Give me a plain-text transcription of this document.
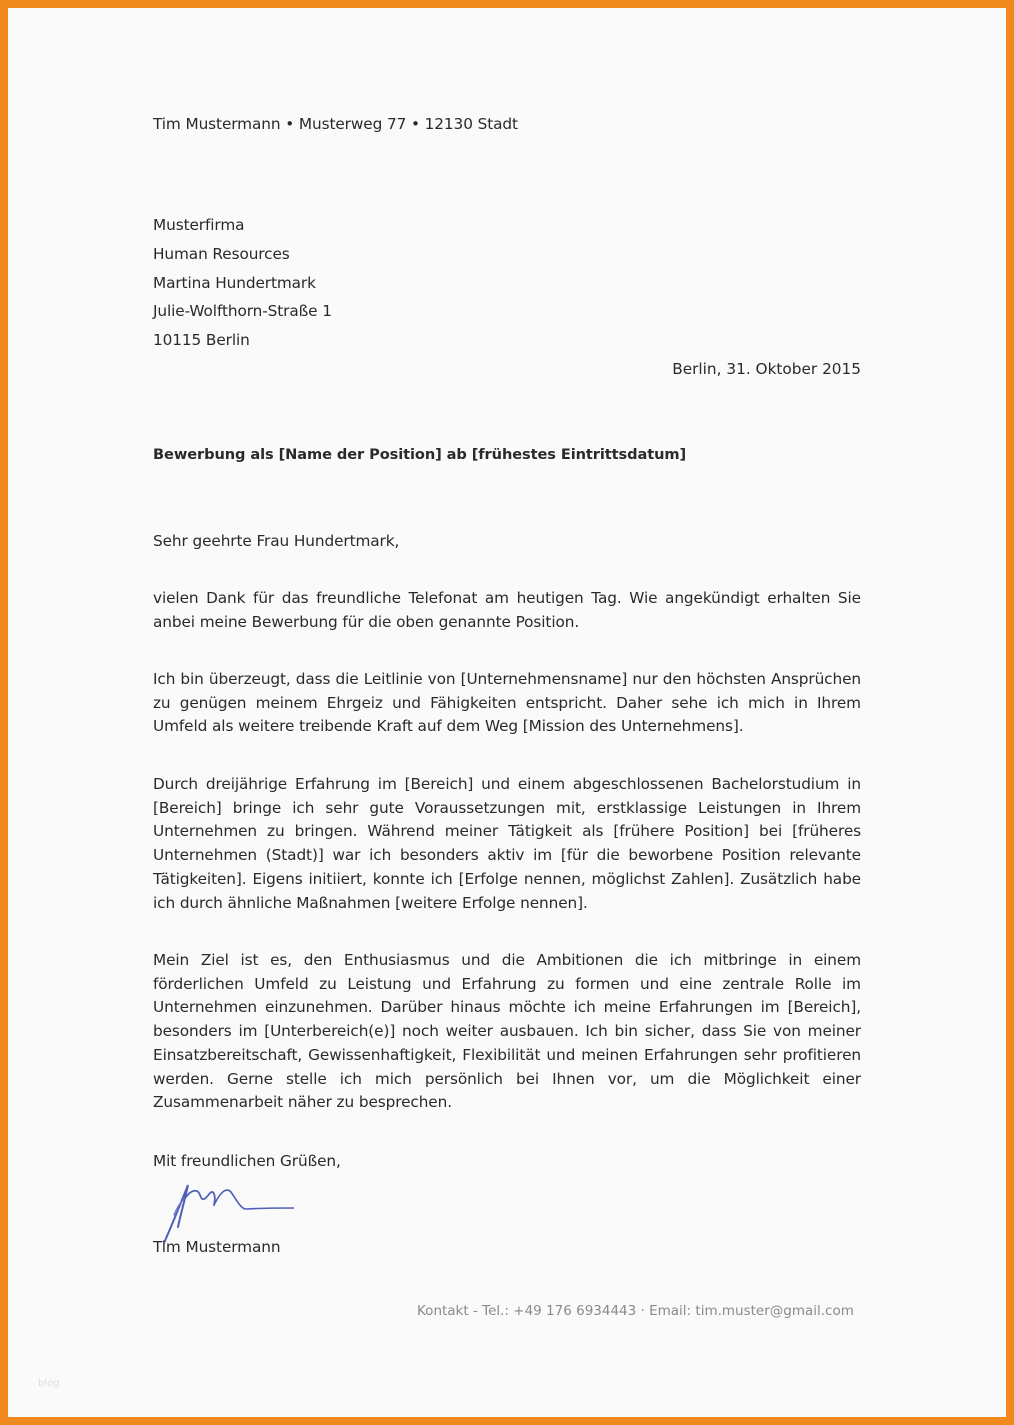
Tim Mustermann • Musterweg 77 • 12130 Stadt
Musterfirma
Human Resources
Martina Hundertmark
Julie-Wolfthorn-Straße 1
10115 Berlin
Berlin, 31. Oktober 2015
Bewerbung als [Name der Position] ab [frühestes Eintrittsdatum]
Sehr geehrte Frau Hundertmark,
vielen Dank für das freundliche Telefonat am heutigen Tag. Wie angekündigt erhalten Sie anbei meine Bewerbung für die oben genannte Position.
Ich bin überzeugt, dass die Leitlinie von [Unternehmensname] nur den höchsten Ansprüchen zu genügen meinem Ehrgeiz und Fähigkeiten entspricht. Daher sehe ich mich in Ihrem Umfeld als weitere treibende Kraft auf dem Weg [Mission des Unternehmens].
Durch dreijährige Erfahrung im [Bereich] und einem abgeschlossenen Bachelorstudium in [Bereich] bringe ich sehr gute Voraussetzungen mit, erstklassige Leistungen in Ihrem Unternehmen zu bringen. Während meiner Tätigkeit als [frühere Position] bei [früheres Unternehmen (Stadt)] war ich besonders aktiv im [für die beworbene Position relevante Tätigkeiten]. Eigens initiiert, konnte ich [Erfolge nennen, möglichst Zahlen]. Zusätzlich habe ich durch ähnliche Maßnahmen [weitere Erfolge nennen].
Mein Ziel ist es, den Enthusiasmus und die Ambitionen die ich mitbringe in einem förderlichen Umfeld zu Leistung und Erfahrung zu formen und eine zentrale Rolle im Unternehmen einzunehmen. Darüber hinaus möchte ich meine Erfahrungen im [Bereich], besonders im [Unterbereich(e)] noch weiter ausbauen. Ich bin sicher, dass Sie von meiner Einsatzbereitschaft, Gewissenhaftigkeit, Flexibilität und meinen Erfahrungen sehr profitieren werden. Gerne stelle ich mich persönlich bei Ihnen vor, um die Möglichkeit einer Zusammenarbeit näher zu besprechen.
Mit freundlichen Grüßen,
Tim Mustermann
Kontakt - Tel.: +49 176 6934443 · Email: tim.muster@gmail.com
blog
